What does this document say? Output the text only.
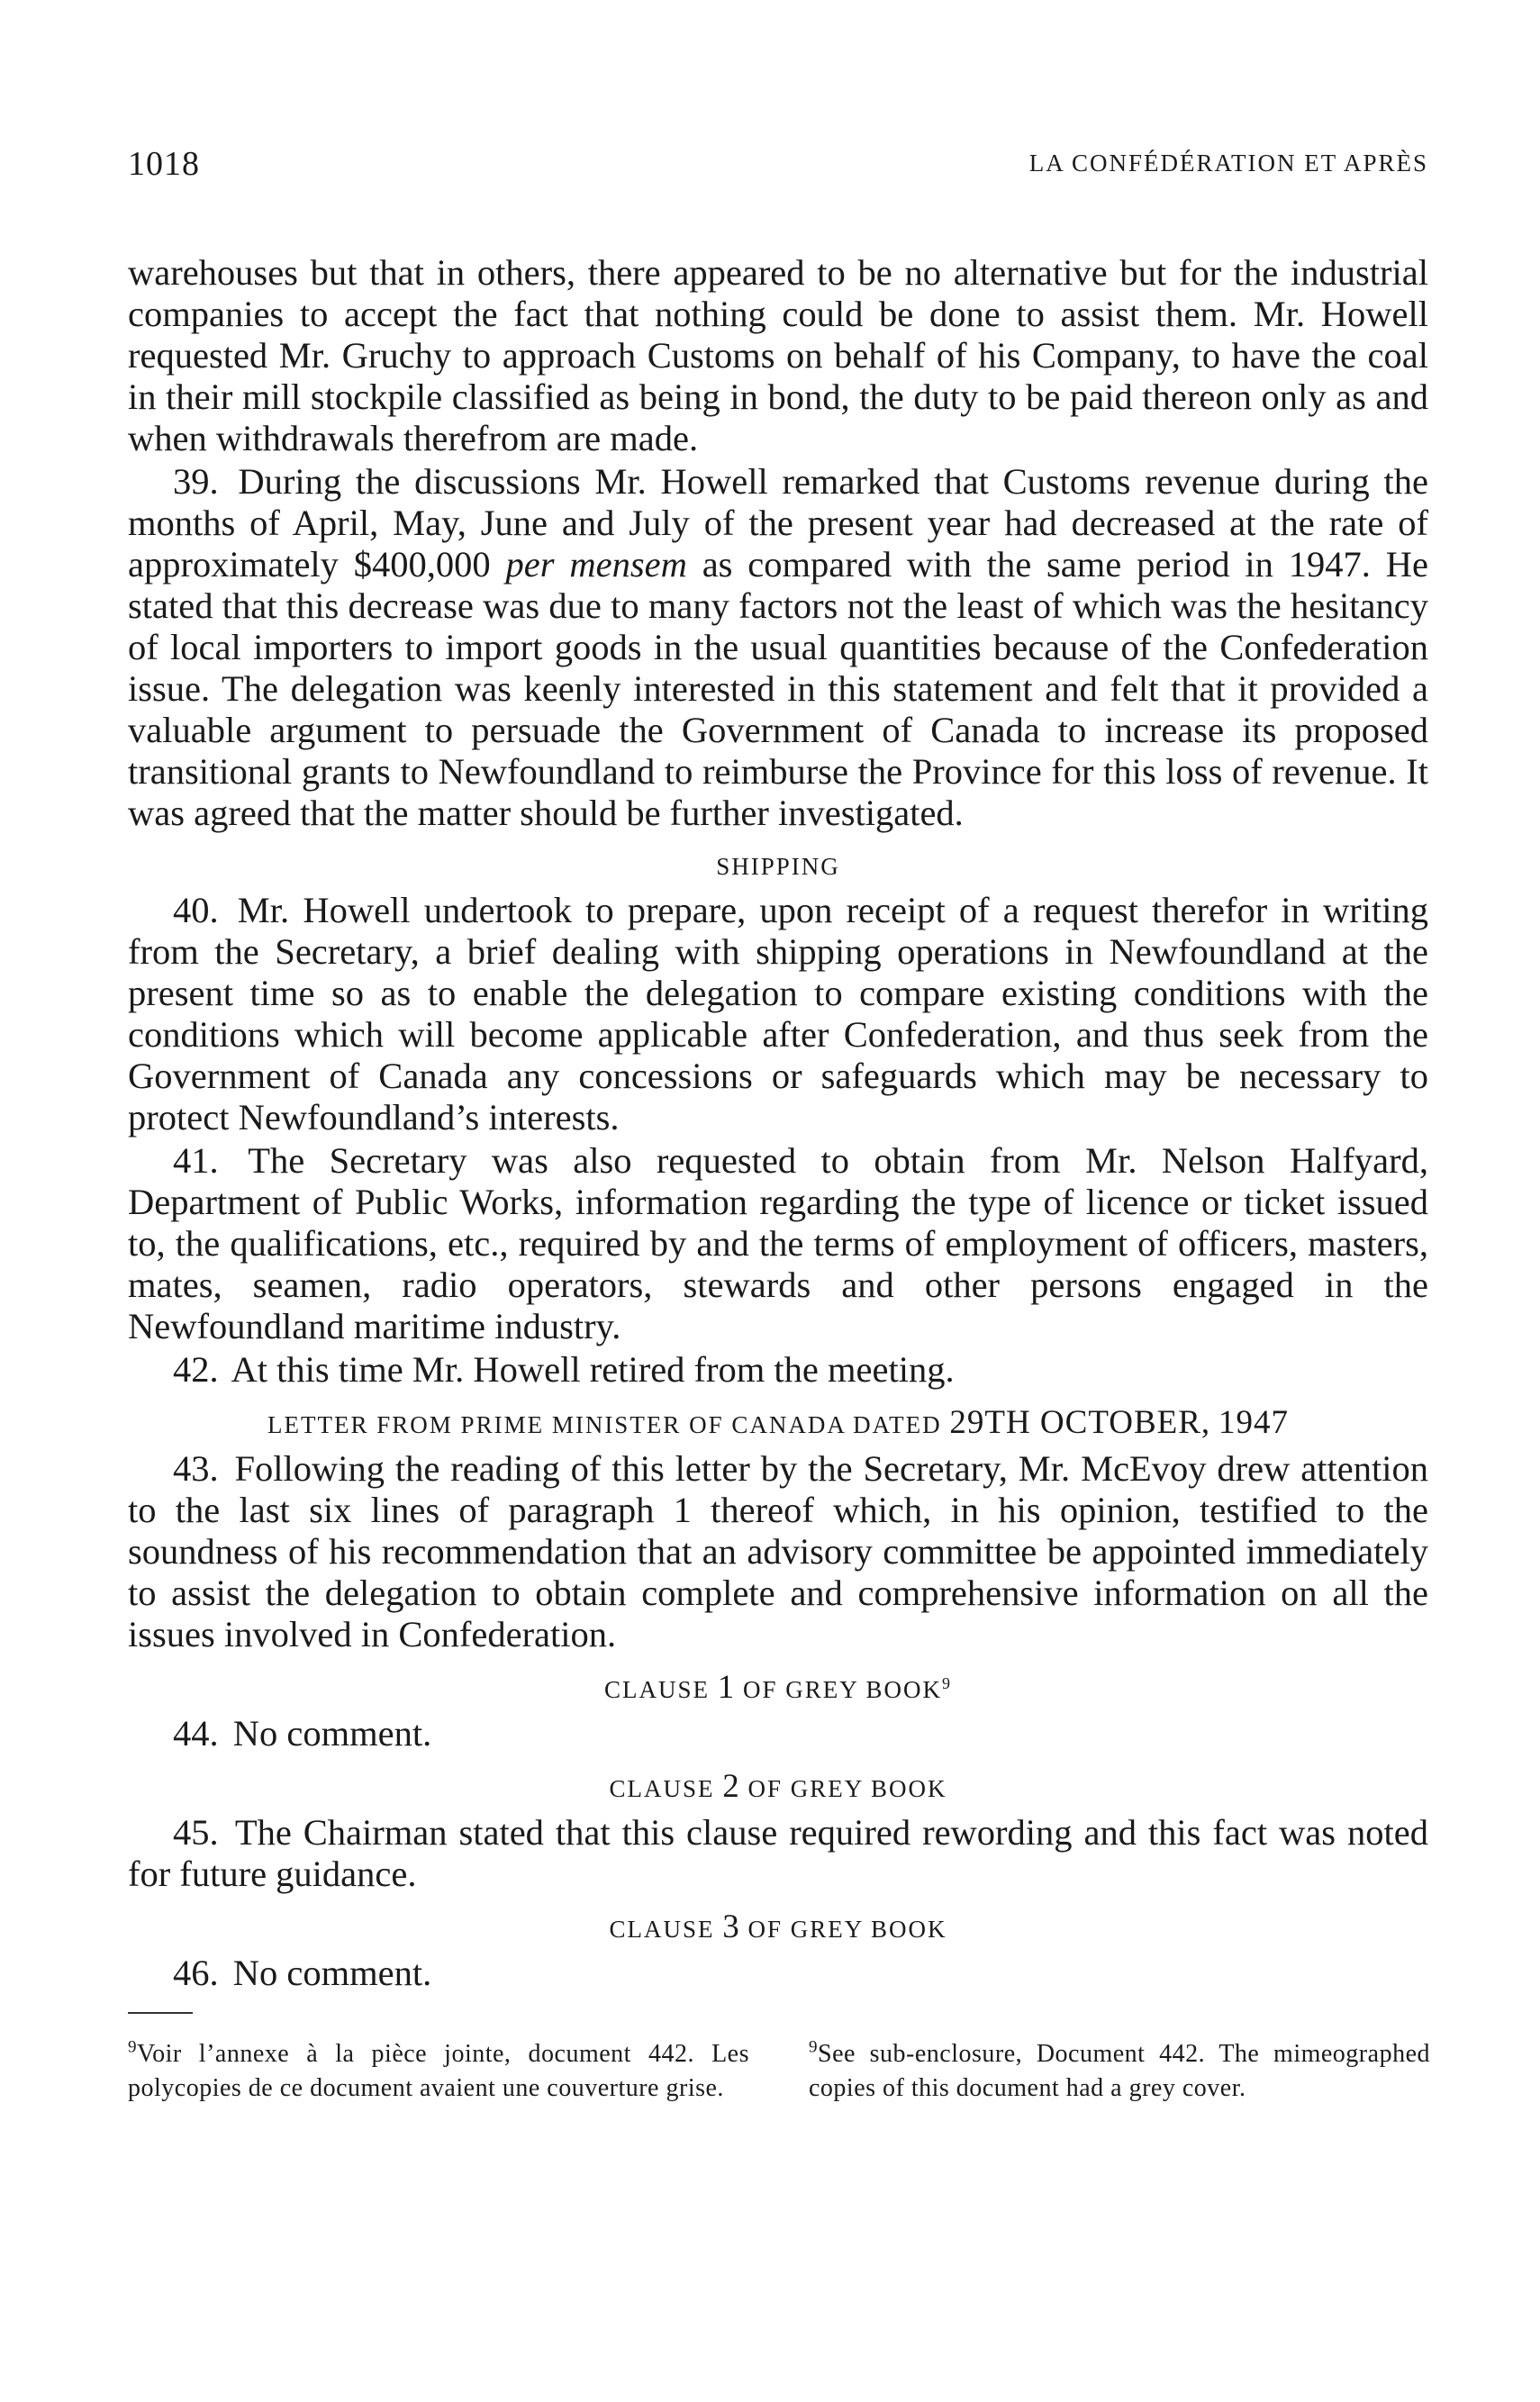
1018	LA CONFÉDÉRATION ET APRÈS

warehouses but that in others, there appeared to be no alternative but for the industrial companies to accept the fact that nothing could be done to assist them. Mr. Howell requested Mr. Gruchy to approach Customs on behalf of his Company, to have the coal in their mill stockpile classified as being in bond, the duty to be paid thereon only as and when withdrawals therefrom are made.

39. During the discussions Mr. Howell remarked that Customs revenue during the months of April, May, June and July of the present year had decreased at the rate of approximately $400,000 per mensem as compared with the same period in 1947. He stated that this decrease was due to many factors not the least of which was the hesitancy of local importers to import goods in the usual quantities because of the Confederation issue. The delegation was keenly interested in this statement and felt that it provided a valuable argument to persuade the Government of Canada to increase its proposed transitional grants to Newfoundland to reimburse the Province for this loss of revenue. It was agreed that the matter should be further investigated.

SHIPPING

40. Mr. Howell undertook to prepare, upon receipt of a request therefor in writing from the Secretary, a brief dealing with shipping operations in Newfoundland at the present time so as to enable the delegation to compare existing conditions with the conditions which will become applicable after Confederation, and thus seek from the Government of Canada any concessions or safeguards which may be necessary to protect Newfoundland’s interests.

41. The Secretary was also requested to obtain from Mr. Nelson Halfyard, Department of Public Works, information regarding the type of licence or ticket issued to, the qualifications, etc., required by and the terms of employment of officers, masters, mates, seamen, radio operators, stewards and other persons engaged in the Newfoundland maritime industry.

42. At this time Mr. Howell retired from the meeting.

LETTER FROM PRIME MINISTER OF CANADA DATED 29TH OCTOBER, 1947

43. Following the reading of this letter by the Secretary, Mr. McEvoy drew attention to the last six lines of paragraph 1 thereof which, in his opinion, testified to the soundness of his recommendation that an advisory committee be appointed immediately to assist the delegation to obtain complete and comprehensive information on all the issues involved in Confederation.

CLAUSE 1 OF GREY BOOK$^9$

44. No comment.

CLAUSE 2 OF GREY BOOK

45. The Chairman stated that this clause required rewording and this fact was noted for future guidance.

CLAUSE 3 OF GREY BOOK

46. No comment.

$^9$Voir l’annexe à la pièce jointe, document 442. Les polycopies de ce document avaient une couverture grise.
$^9$See sub-enclosure, Document 442. The mimeographed copies of this document had a grey cover.
